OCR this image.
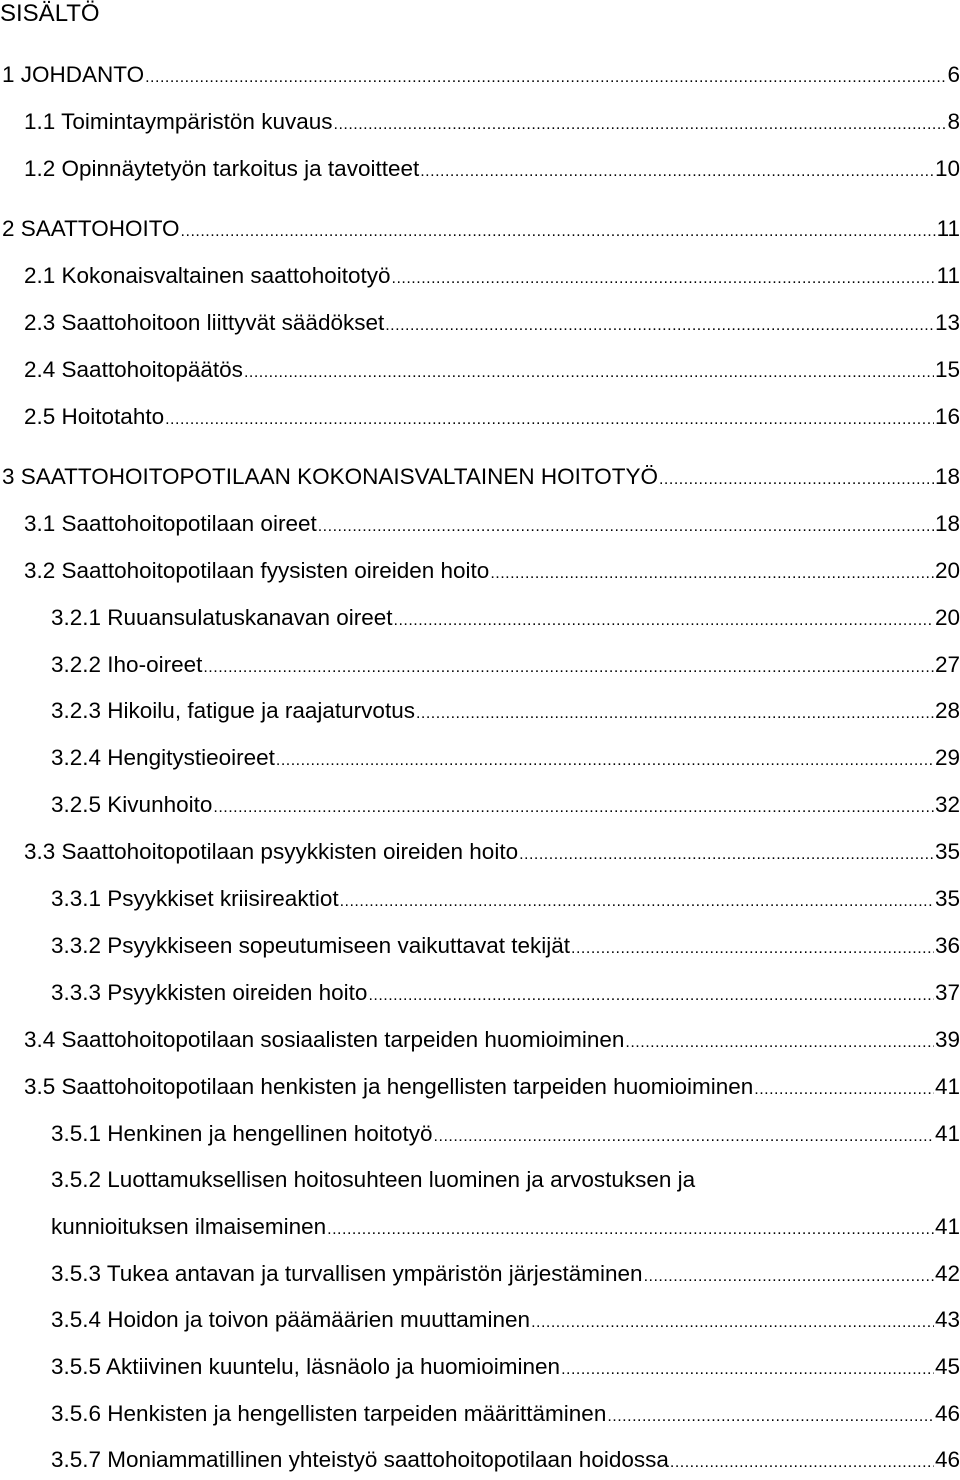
SISÄLTÖ
1 JOHDANTO .....	6
1.1 Toimintaympäristön kuvaus .....	8
1.2 Opinnäytetyön tarkoitus ja tavoitteet .....	10
2 SAATTOHOITO .....	11
2.1 Kokonaisvaltainen saattohoitotyö .....	11
2.3 Saattohoitoon liittyvät säädökset .....	13
2.4 Saattohoitopäätös .....	15
2.5 Hoitotahto .....	16
3 SAATTOHOITOPOTILAAN KOKONAISVALTAINEN HOITOTYÖ .....	18
3.1 Saattohoitopotilaan oireet .....	18
3.2 Saattohoitopotilaan fyysisten oireiden hoito .....	20
3.2.1 Ruuansulatuskanavan oireet .....	20
3.2.2 Iho-oireet .....	27
3.2.3 Hikoilu, fatigue ja raajaturvotus .....	28
3.2.4 Hengitystieoireet .....	29
3.2.5 Kivunhoito .....	32
3.3 Saattohoitopotilaan psyykkisten oireiden hoito .....	35
3.3.1 Psyykkiset kriisireaktiot .....	35
3.3.2 Psyykkiseen sopeutumiseen vaikuttavat tekijät .....	36
3.3.3 Psyykkisten oireiden hoito .....	37
3.4 Saattohoitopotilaan sosiaalisten tarpeiden huomioiminen .....	39
3.5 Saattohoitopotilaan henkisten ja hengellisten tarpeiden huomioiminen .....	41
3.5.1 Henkinen ja hengellinen hoitotyö .....	41
3.5.2 Luottamuksellisen hoitosuhteen luominen ja arvostuksen ja
kunnioituksen ilmaiseminen .....	41
3.5.3 Tukea antavan ja turvallisen ympäristön järjestäminen .....	42
3.5.4 Hoidon ja toivon päämäärien muuttaminen .....	43
3.5.5 Aktiivinen kuuntelu, läsnäolo ja huomioiminen .....	45
3.5.6 Henkisten ja hengellisten tarpeiden määrittäminen .....	46
3.5.7 Moniammatillinen yhteistyö saattohoitopotilaan hoidossa .....	46
